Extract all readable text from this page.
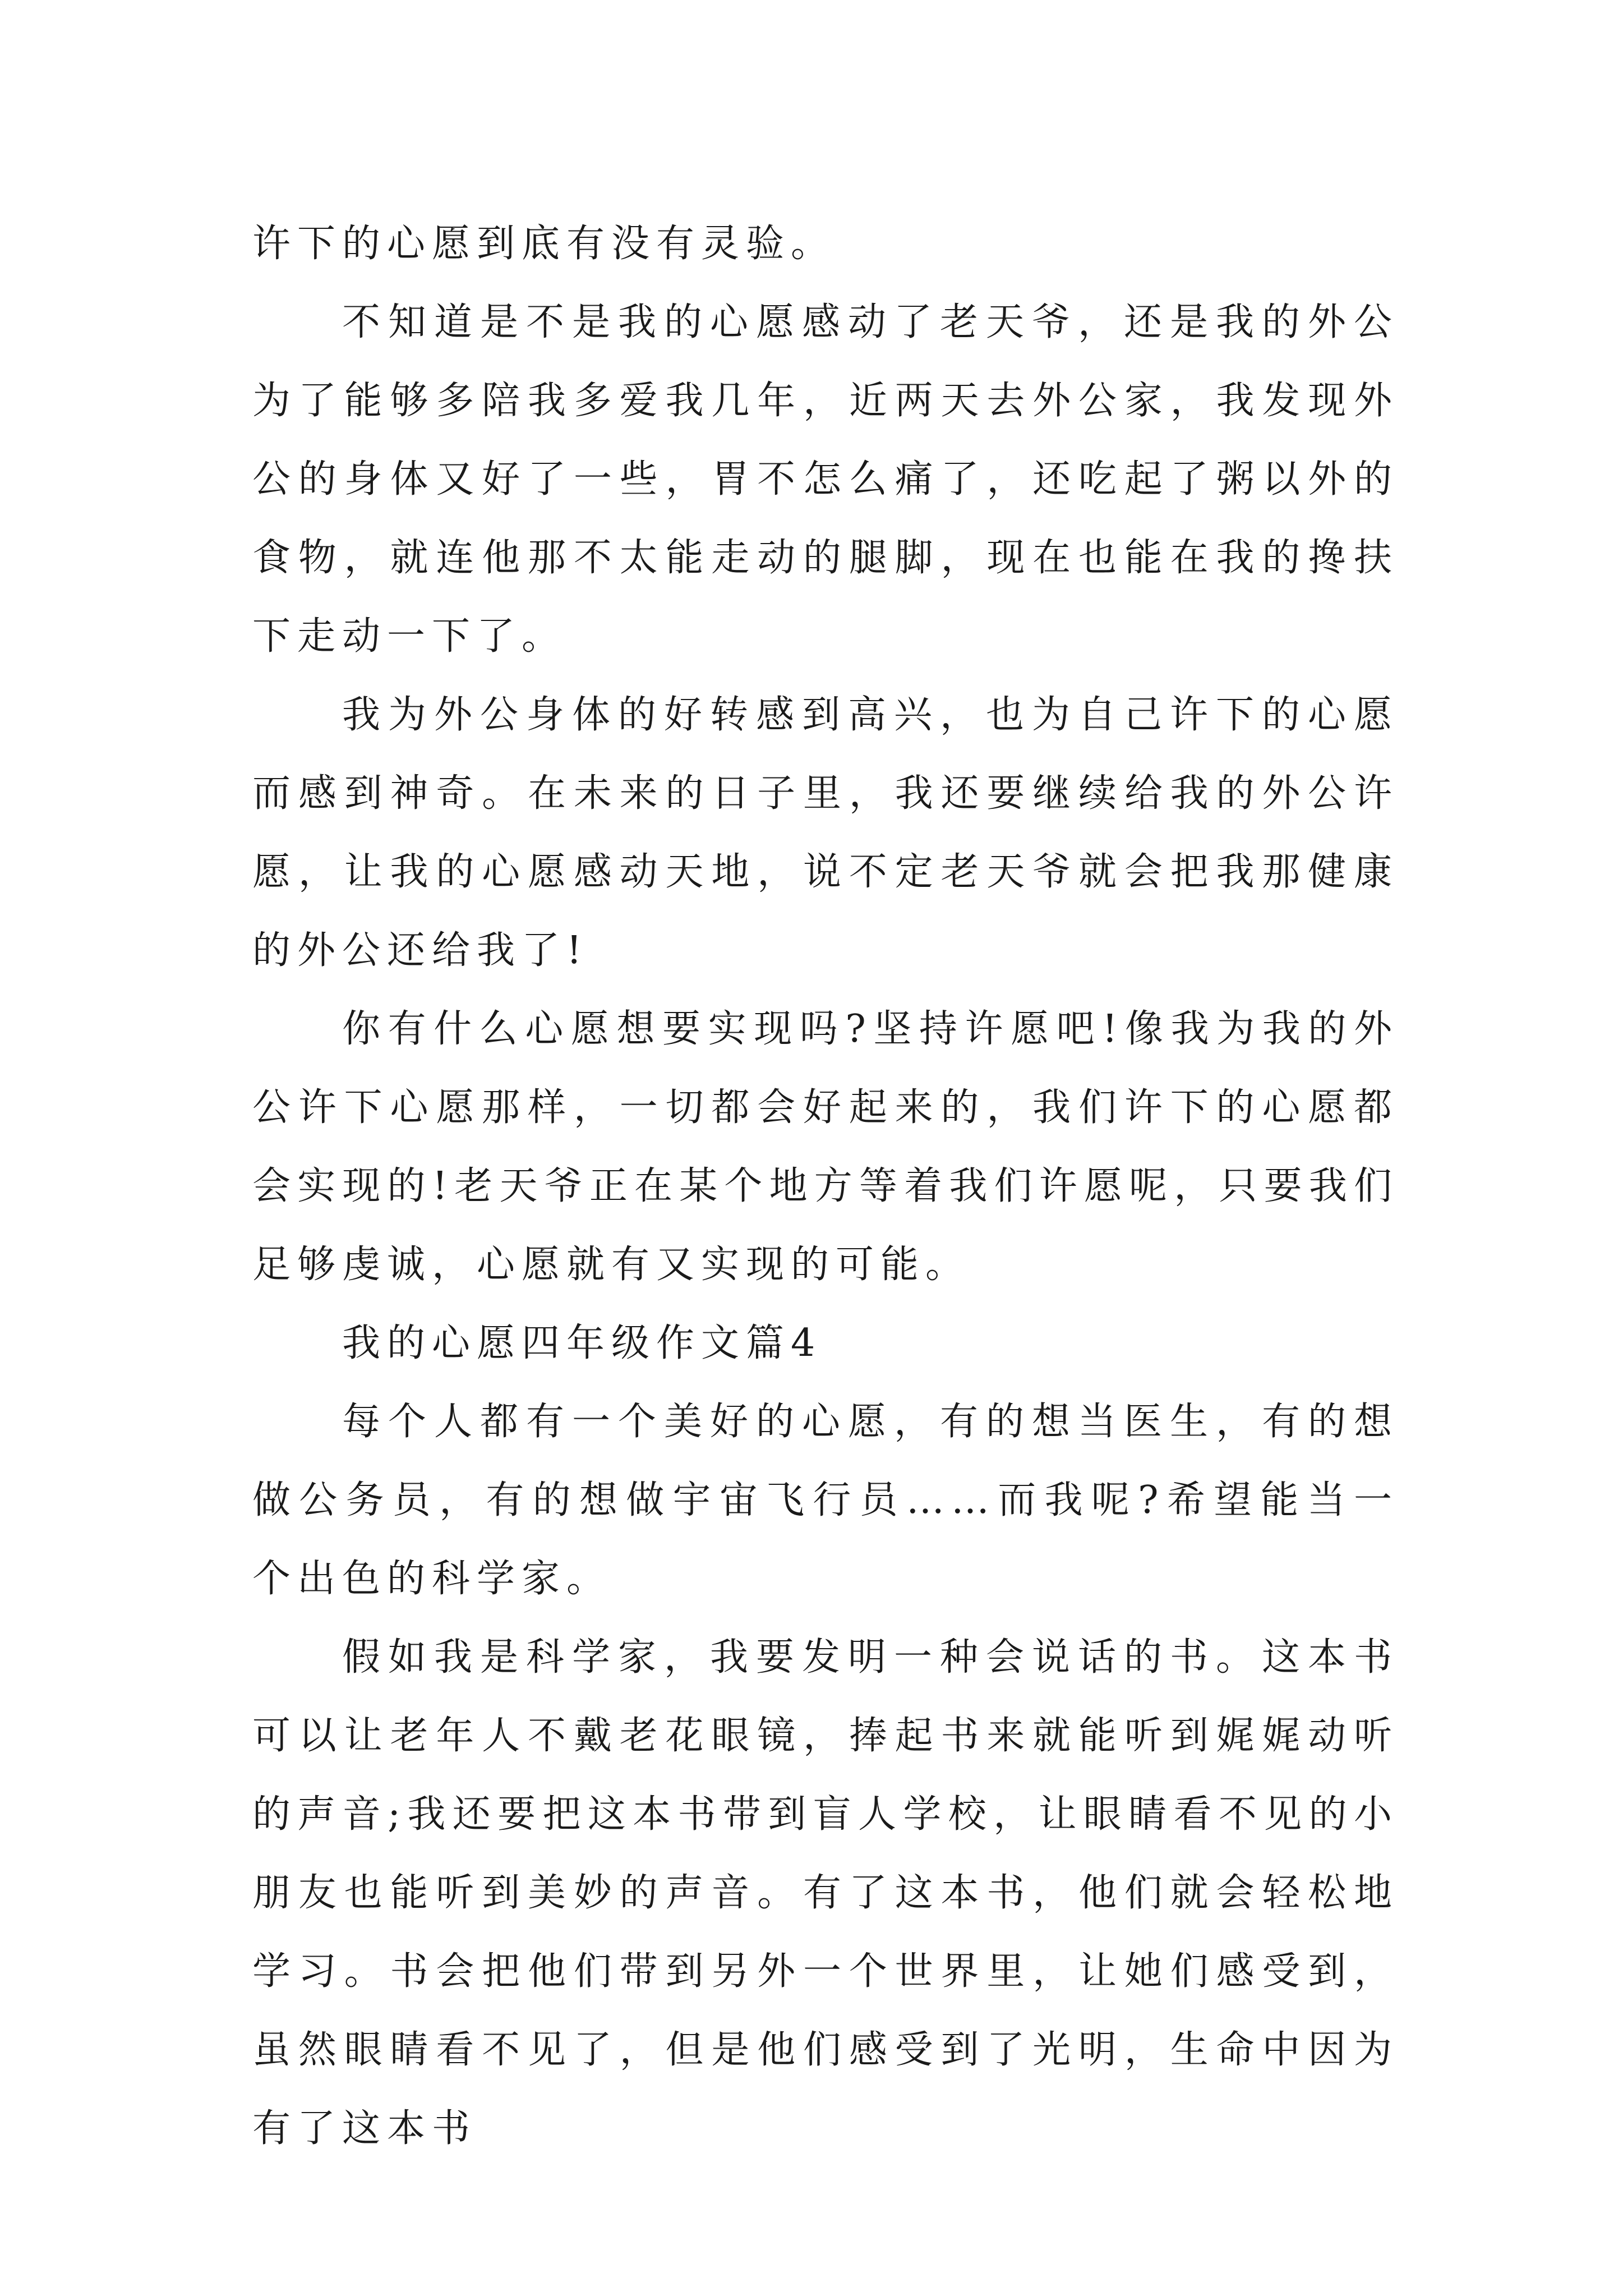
许下的心愿到底有没有灵验。

不知道是不是我的心愿感动了老天爷，还是我的外公为了能够多陪我多爱我几年，近两天去外公家，我发现外公的身体又好了一些，胃不怎么痛了，还吃起了粥以外的食物，就连他那不太能走动的腿脚，现在也能在我的搀扶下走动一下了。

我为外公身体的好转感到高兴，也为自己许下的心愿而感到神奇。在未来的日子里，我还要继续给我的外公许愿，让我的心愿感动天地，说不定老天爷就会把我那健康的外公还给我了!

你有什么心愿想要实现吗?坚持许愿吧!像我为我的外公许下心愿那样，一切都会好起来的，我们许下的心愿都会实现的!老天爷正在某个地方等着我们许愿呢，只要我们足够虔诚，心愿就有又实现的可能。

我的心愿四年级作文篇4

每个人都有一个美好的心愿，有的想当医生，有的想做公务员，有的想做宇宙飞行员……而我呢?希望能当一个出色的科学家。

假如我是科学家，我要发明一种会说话的书。这本书可以让老年人不戴老花眼镜，捧起书来就能听到娓娓动听的声音;我还要把这本书带到盲人学校，让眼睛看不见的小朋友也能听到美妙的声音。有了这本书，他们就会轻松地学习。书会把他们带到另外一个世界里，让她们感受到，虽然眼睛看不见了，但是他们感受到了光明，生命中因为有了这本书
